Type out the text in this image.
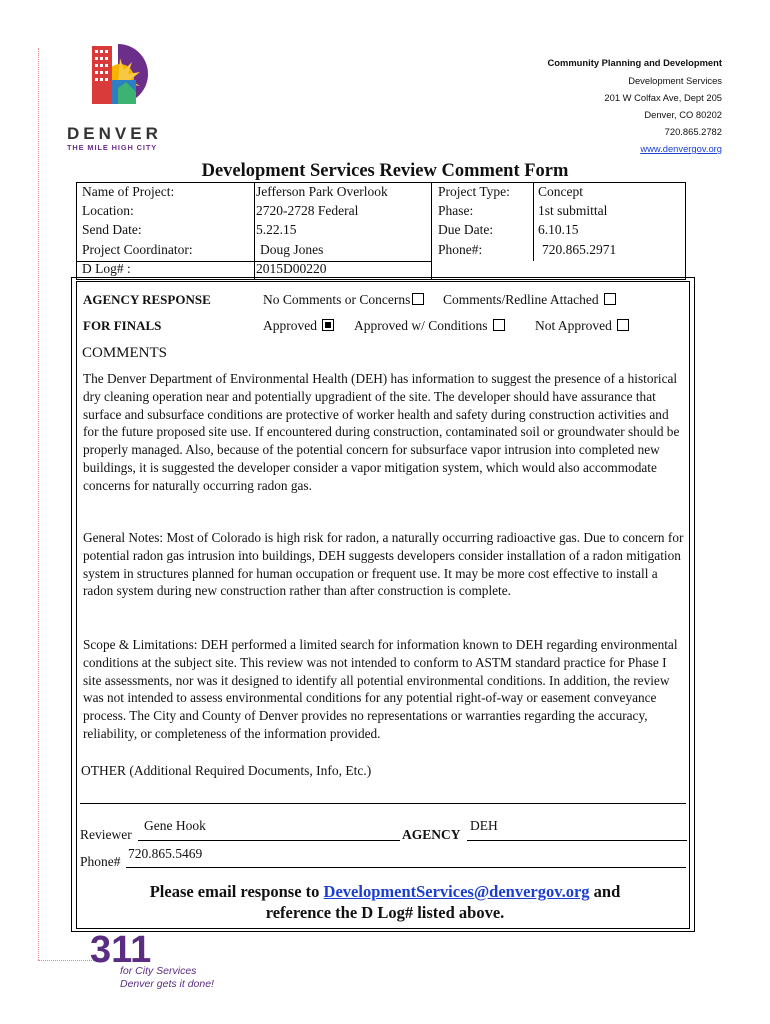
DENVER
THE MILE HIGH CITY
Community Planning and Development
Development Services
201 W Colfax Ave, Dept 205
Denver, CO 80202
720.865.2782
www.denvergov.org
Development Services Review Comment Form
Name of Project:	Jefferson Park Overlook
Location:	2720-2728 Federal
Send Date:	5.22.15
Project Coordinator:	Doug Jones
D Log# :	2015D00220
Project Type: Concept
Phase:	1st submittal
Due Date:	6.10.15
Phone#:	720.865.2971
AGENCY RESPONSE	No Comments or Concerns	Comments/Redline Attached
FOR FINALS	Approved	Approved w/ Conditions	Not Approved
COMMENTS
The Denver Department of Environmental Health (DEH) has information to suggest the presence of a historical dry cleaning operation near and potentially upgradient of the site. The developer should have assurance that surface and subsurface conditions are protective of worker health and safety during construction activities and for the future proposed site use. If encountered during construction, contaminated soil or groundwater should be properly managed. Also, because of the potential concern for subsurface vapor intrusion into completed new buildings, it is suggested the developer consider a vapor mitigation system, which would also accommodate concerns for naturally occurring radon gas.
General Notes: Most of Colorado is high risk for radon, a naturally occurring radioactive gas. Due to concern for potential radon gas intrusion into buildings, DEH suggests developers consider installation of a radon mitigation system in structures planned for human occupation or frequent use. It may be more cost effective to install a radon system during new construction rather than after construction is complete.
Scope & Limitations: DEH performed a limited search for information known to DEH regarding environmental conditions at the subject site. This review was not intended to conform to ASTM standard practice for Phase I site assessments, nor was it designed to identify all potential environmental conditions. In addition, the review was not intended to assess environmental conditions for any potential right-of-way or easement conveyance process. The City and County of Denver provides no representations or warranties regarding the accuracy, reliability, or completeness of the information provided.
OTHER (Additional Required Documents, Info, Etc.)
Reviewer
Gene Hook
AGENCY
DEH
Phone#
720.865.5469
Please email response to DevelopmentServices@denvergov.org and
reference the D Log# listed above.
311
for City Services
Denver gets it done!
